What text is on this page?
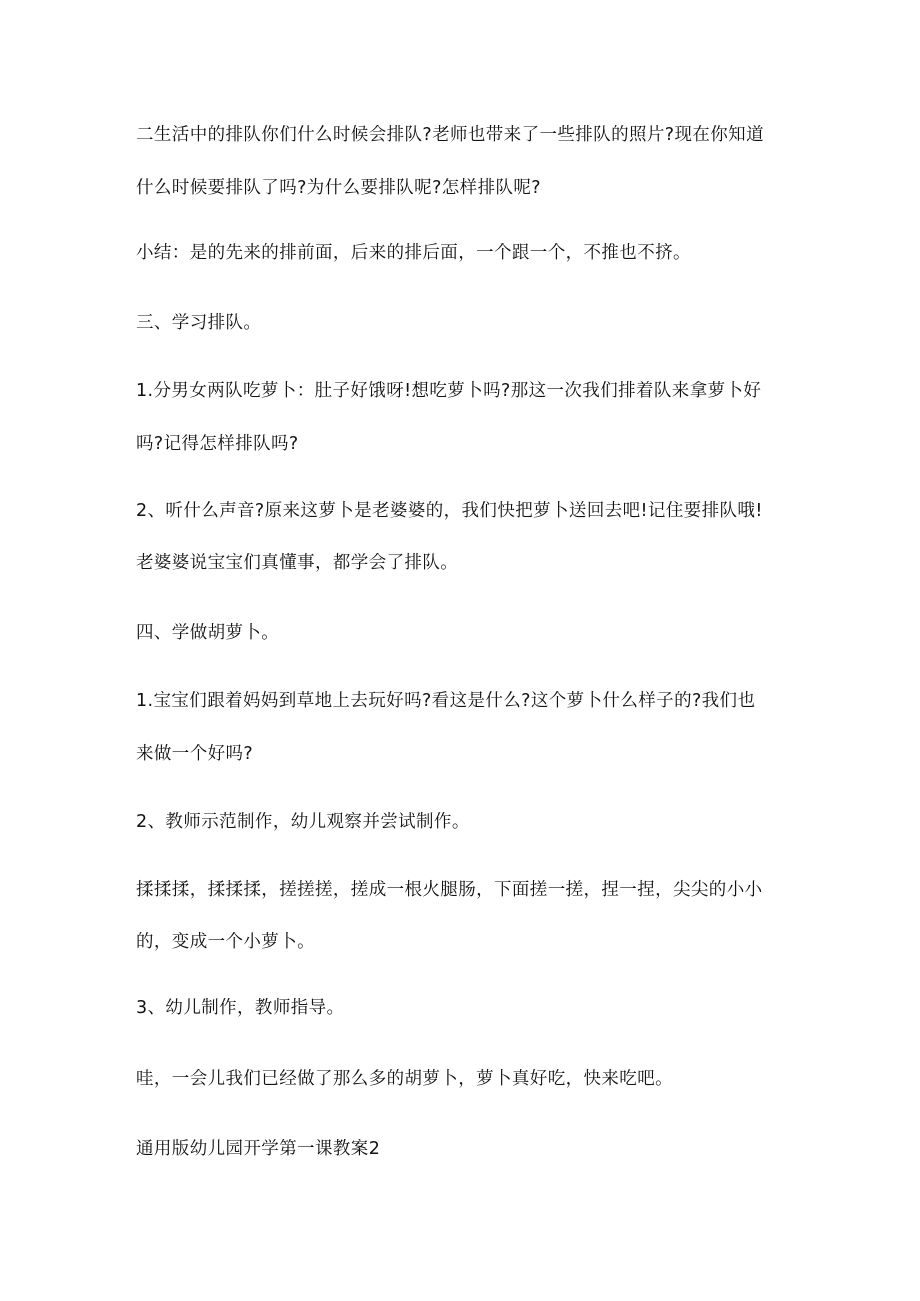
二生活中的排队你们什么时候会排队?老师也带来了一些排队的照片?现在你知道
什么时候要排队了吗?为什么要排队呢?怎样排队呢?
小结：是的先来的排前面，后来的排后面，一个跟一个，不推也不挤。
三、学习排队。
1.分男女两队吃萝卜：肚子好饿呀!想吃萝卜吗?那这一次我们排着队来拿萝卜好
吗?记得怎样排队吗?
2、听什么声音?原来这萝卜是老婆婆的，我们快把萝卜送回去吧!记住要排队哦!
老婆婆说宝宝们真懂事，都学会了排队。
四、学做胡萝卜。
1.宝宝们跟着妈妈到草地上去玩好吗?看这是什么?这个萝卜什么样子的?我们也
来做一个好吗?
2、教师示范制作，幼儿观察并尝试制作。
揉揉揉，揉揉揉，搓搓搓，搓成一根火腿肠，下面搓一搓，捏一捏，尖尖的小小
的，变成一个小萝卜。
3、幼儿制作，教师指导。
哇，一会儿我们已经做了那么多的胡萝卜，萝卜真好吃，快来吃吧。
通用版幼儿园开学第一课教案2
